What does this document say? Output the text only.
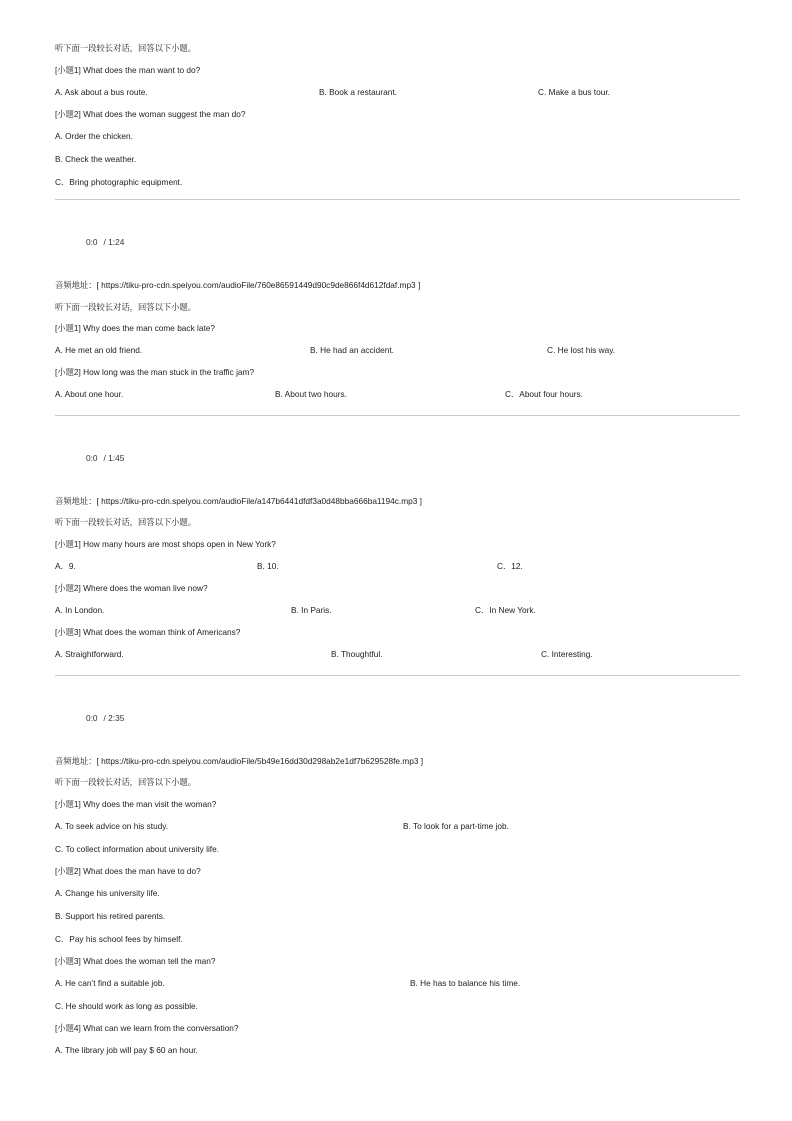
听下面一段较长对话，回答以下小题。
[小题1] What does the man want to do?
A. Ask about a bus route.	B. Book a restaurant.	C. Make a bus tour.
[小题2] What does the woman suggest the man do?
A. Order the chicken.
B. Check the weather.
C．Bring photographic equipment.
0:0 / 1:24
音频地址：[ https://tiku-pro-cdn.speiyou.com/audioFile/760e86591449d90c9de866f4d612fdaf.mp3 ]
听下面一段较长对话，回答以下小题。
[小题1] Why does the man come back late?
A. He met an old friend.	B. He had an accident.	C. He lost his way.
[小题2] How long was the man stuck in the traffic jam?
A. About one hour.	B. About two hours.	C．About four hours.
0:0 / 1:45
音频地址：[ https://tiku-pro-cdn.speiyou.com/audioFile/a147b6441dfdf3a0d48bba666ba1194c.mp3 ]
听下面一段较长对话，回答以下小题。
[小题1] How many hours are most shops open in New York?
A．9.	B. 10.	C．12.
[小题2] Where does the woman live now?
A. In London.	B. In Paris.	C．In New York.
[小题3] What does the woman think of Americans?
A. Straightforward.	B. Thoughtful.	C. Interesting.
0:0 / 2:35
音频地址：[ https://tiku-pro-cdn.speiyou.com/audioFile/5b49e16dd30d298ab2e1df7b629528fe.mp3 ]
听下面一段较长对话，回答以下小题。
[小题1] Why does the man visit the woman?
A. To seek advice on his study.	B. To look for a part-time job.
C. To collect information about university life.
[小题2] What does the man have to do?
A. Change his university life.
B. Support his retired parents.
C．Pay his school fees by himself.
[小题3] What does the woman tell the man?
A. He can’t find a suitable job.	B. He has to balance his time.
C. He should work as long as possible.
[小题4] What can we learn from the conversation?
A. The library job will pay $ 60 an hour.
